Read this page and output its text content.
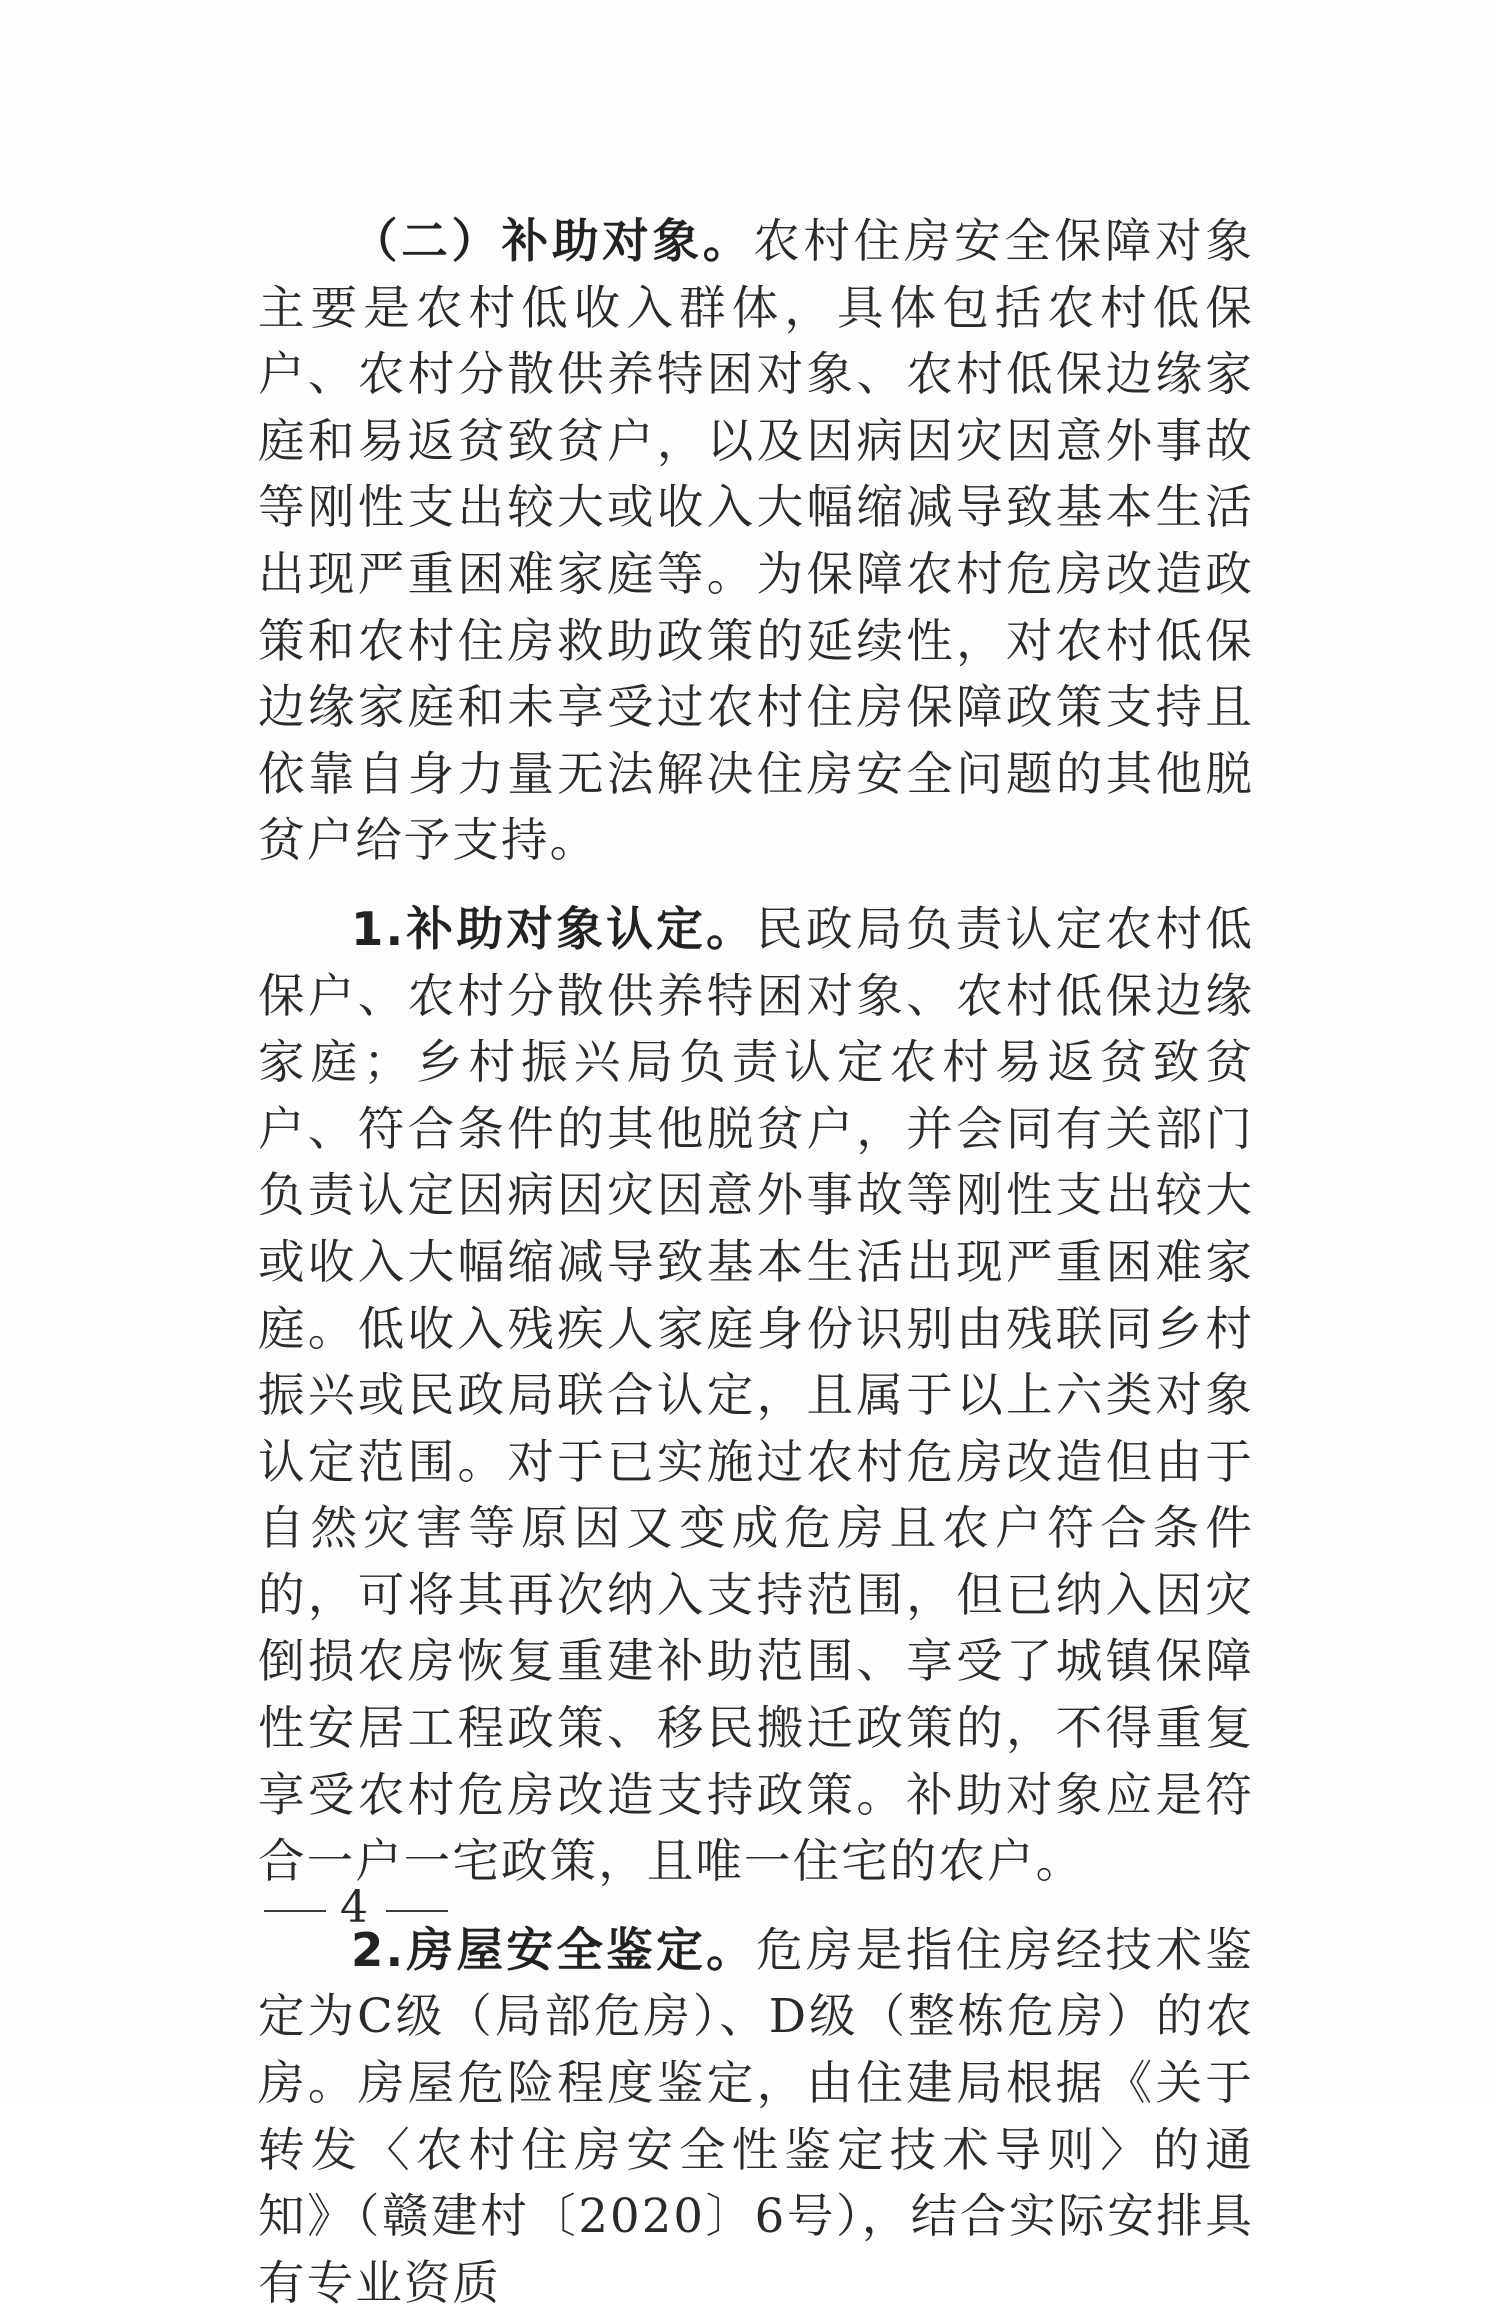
（二）补助对象。农村住房安全保障对象主要是农村低收入群体，具体包括农村低保户、农村分散供养特困对象、农村低保边缘家庭和易返贫致贫户，以及因病因灾因意外事故等刚性支出较大或收入大幅缩减导致基本生活出现严重困难家庭等。为保障农村危房改造政策和农村住房救助政策的延续性，对农村低保边缘家庭和未享受过农村住房保障政策支持且依靠自身力量无法解决住房安全问题的其他脱贫户给予支持。

1.补助对象认定。民政局负责认定农村低保户、农村分散供养特困对象、农村低保边缘家庭；乡村振兴局负责认定农村易返贫致贫户、符合条件的其他脱贫户，并会同有关部门负责认定因病因灾因意外事故等刚性支出较大或收入大幅缩减导致基本生活出现严重困难家庭。低收入残疾人家庭身份识别由残联同乡村振兴或民政局联合认定，且属于以上六类对象认定范围。对于已实施过农村危房改造但由于自然灾害等原因又变成危房且农户符合条件的，可将其再次纳入支持范围，但已纳入因灾倒损农房恢复重建补助范围、享受了城镇保障性安居工程政策、移民搬迁政策的，不得重复享受农村危房改造支持政策。补助对象应是符合一户一宅政策，且唯一住宅的农户。

2.房屋安全鉴定。危房是指住房经技术鉴定为C级（局部危房）、D级（整栋危房）的农房。房屋危险程度鉴定，由住建局根据《关于转发〈农村住房安全性鉴定技术导则〉的通知》（赣建村〔2020〕6号），结合实际安排具有专业资质

4
